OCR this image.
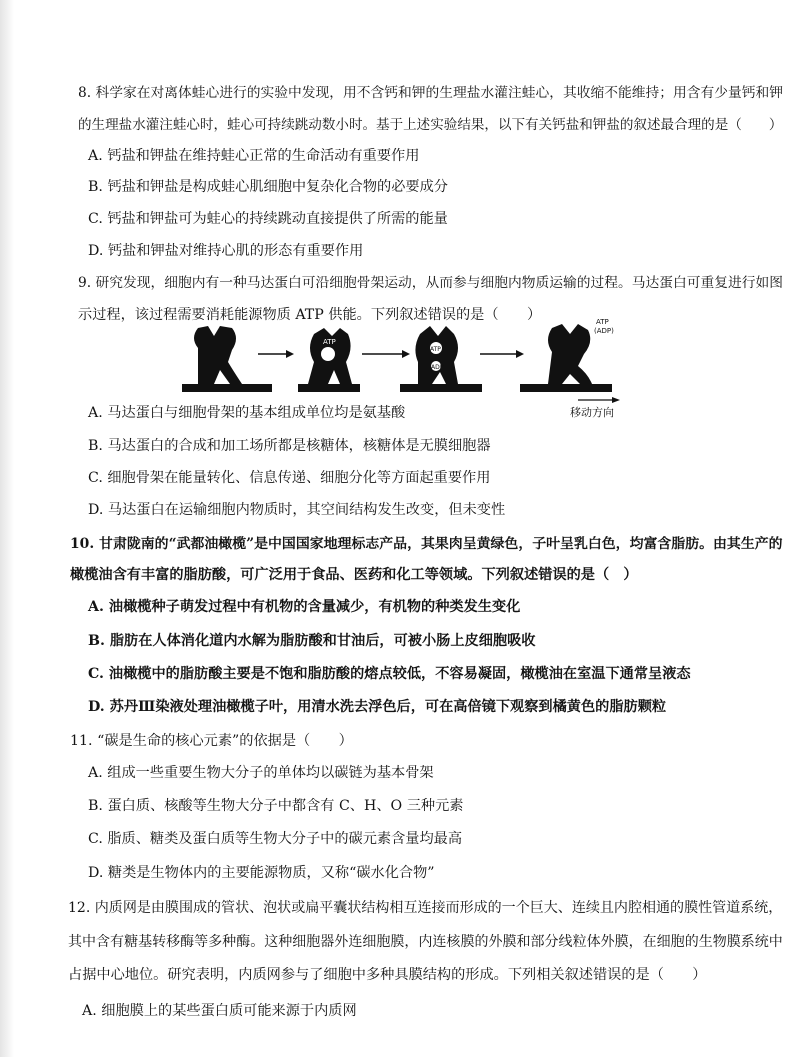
8. 科学家在对离体蛙心进行的实验中发现，用不含钙和钾的生理盐水灌注蛙心，其收缩不能维持；用含有少量钙和钾
的生理盐水灌注蛙心时，蛙心可持续跳动数小时。基于上述实验结果，以下有关钙盐和钾盐的叙述最合理的是（　　）
A. 钙盐和钾盐在维持蛙心正常的生命活动有重要作用
B. 钙盐和钾盐是构成蛙心肌细胞中复杂化合物的必要成分
C. 钙盐和钾盐可为蛙心的持续跳动直接提供了所需的能量
D. 钙盐和钾盐对维持心肌的形态有重要作用
9. 研究发现，细胞内有一种马达蛋白可沿细胞骨架运动，从而参与细胞内物质运输的过程。马达蛋白可重复进行如图
示过程，该过程需要消耗能源物质 ATP 供能。下列叙述错误的是（　　）
ATP
ATP
ADP
ATP
(ADP)
移动方向
A. 马达蛋白与细胞骨架的基本组成单位均是氨基酸
B. 马达蛋白的合成和加工场所都是核糖体，核糖体是无膜细胞器
C. 细胞骨架在能量转化、信息传递、细胞分化等方面起重要作用
D. 马达蛋白在运输细胞内物质时，其空间结构发生改变，但未变性
10. 甘肃陇南的“武都油橄榄”是中国国家地理标志产品，其果肉呈黄绿色，子叶呈乳白色，均富含脂肪。由其生产的
橄榄油含有丰富的脂肪酸，可广泛用于食品、医药和化工等领域。下列叙述错误的是（　）
A. 油橄榄种子萌发过程中有机物的含量减少，有机物的种类发生变化
B. 脂肪在人体消化道内水解为脂肪酸和甘油后，可被小肠上皮细胞吸收
C. 油橄榄中的脂肪酸主要是不饱和脂肪酸的熔点较低，不容易凝固，橄榄油在室温下通常呈液态
D. 苏丹Ⅲ染液处理油橄榄子叶，用清水洗去浮色后，可在高倍镜下观察到橘黄色的脂肪颗粒
11. “碳是生命的核心元素”的依据是（　　）
A. 组成一些重要生物大分子的单体均以碳链为基本骨架
B. 蛋白质、核酸等生物大分子中都含有 C、H、O 三种元素
C. 脂质、糖类及蛋白质等生物大分子中的碳元素含量均最高
D. 糖类是生物体内的主要能源物质，又称“碳水化合物”
12. 内质网是由膜围成的管状、泡状或扁平囊状结构相互连接而形成的一个巨大、连续且内腔相通的膜性管道系统，
其中含有糖基转移酶等多种酶。这种细胞器外连细胞膜，内连核膜的外膜和部分线粒体外膜，在细胞的生物膜系统中
占据中心地位。研究表明，内质网参与了细胞中多种具膜结构的形成。下列相关叙述错误的是（　　）
A. 细胞膜上的某些蛋白质可能来源于内质网
